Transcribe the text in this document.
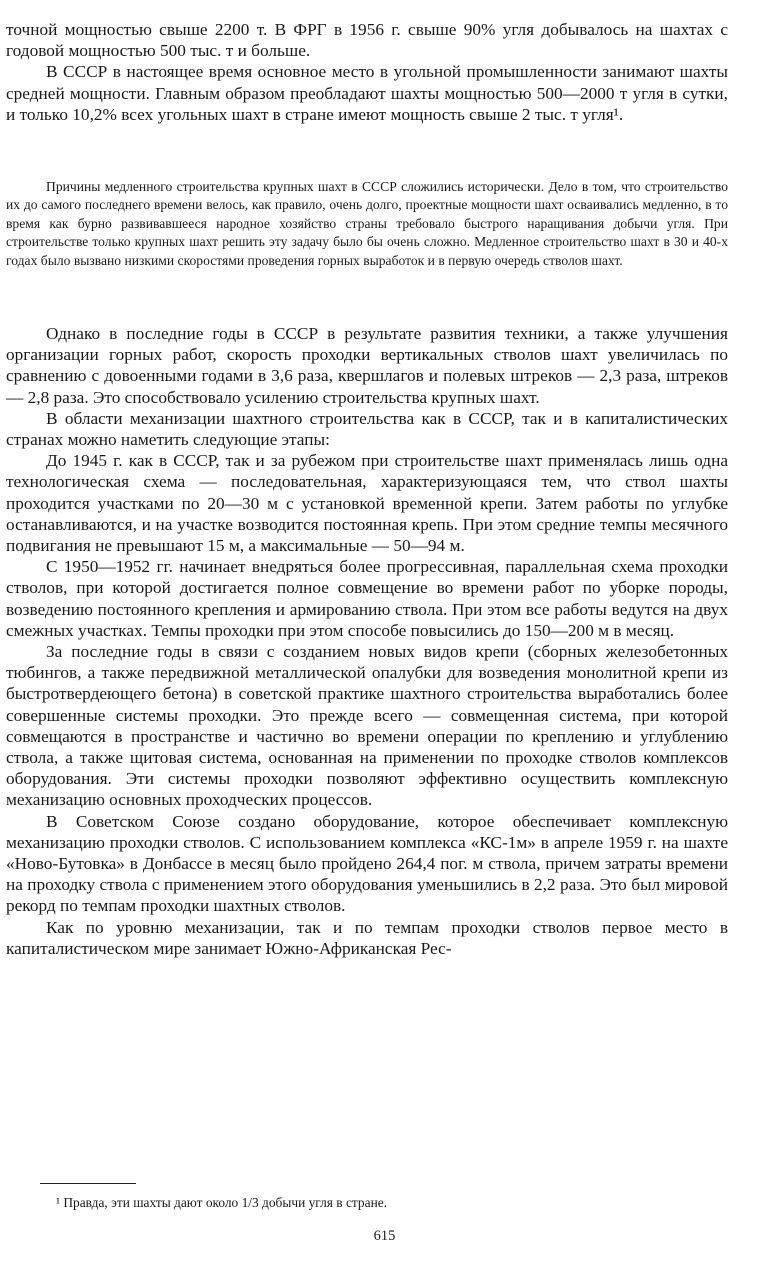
точной мощностью свыше 2200 т. В ФРГ в 1956 г. свыше 90% угля добывалось на шахтах с годовой мощностью 500 тыс. т и больше.

В СССР в настоящее время основное место в угольной промышленности занимают шахты средней мощности. Главным образом преобладают шахты мощностью 500—2000 т угля в сутки, и только 10,2% всех угольных шахт в стране имеют мощность свыше 2 тыс. т угля¹.

Причины медленного строительства крупных шахт в СССР сложились исторически. Дело в том, что строительство их до самого последнего времени велось, как правило, очень долго, проектные мощности шахт осваивались медленно, в то время как бурно развивавшееся народное хозяйство страны требовало быстрого наращивания добычи угля. При строительстве только крупных шахт решить эту задачу было бы очень сложно. Медленное строительство шахт в 30 и 40-х годах было вызвано низкими скоростями проведения горных выработок и в первую очередь стволов шахт.

Однако в последние годы в СССР в результате развития техники, а также улучшения организации горных работ, скорость проходки вертикальных стволов шахт увеличилась по сравнению с довоенными годами в 3,6 раза, квершлагов и полевых штреков — 2,3 раза, штреков — 2,8 раза. Это способствовало усилению строительства крупных шахт.

В области механизации шахтного строительства как в СССР, так и в капиталистических странах можно наметить следующие этапы:

До 1945 г. как в СССР, так и за рубежом при строительстве шахт применялась лишь одна технологическая схема — последовательная, характеризующаяся тем, что ствол шахты проходится участками по 20—30 м с установкой временной крепи. Затем работы по углубке останавливаются, и на участке возводится постоянная крепь. При этом средние темпы месячного подвигания не превышают 15 м, а максимальные — 50—94 м.

С 1950—1952 гг. начинает внедряться более прогрессивная, параллельная схема проходки стволов, при которой достигается полное совмещение во времени работ по уборке породы, возведению постоянного крепления и армированию ствола. При этом все работы ведутся на двух смежных участках. Темпы проходки при этом способе повысились до 150—200 м в месяц.

За последние годы в связи с созданием новых видов крепи (сборных железобетонных тюбингов, а также передвижной металлической опалубки для возведения монолитной крепи из быстротвердеющего бетона) в советской практике шахтного строительства выработались более совершенные системы проходки. Это прежде всего — совмещенная система, при которой совмещаются в пространстве и частично во времени операции по креплению и углублению ствола, а также щитовая система, основанная на применении по проходке стволов комплексов оборудования. Эти системы проходки позволяют эффективно осуществить комплексную механизацию основных проходческих процессов.

В Советском Союзе создано оборудование, которое обеспечивает комплексную механизацию проходки стволов. С использованием комплекса «КС-1м» в апреле 1959 г. на шахте «Ново-Бутовка» в Донбассе в месяц было пройдено 264,4 пог. м ствола, причем затраты времени на проходку ствола с применением этого оборудования уменьшились в 2,2 раза. Это был мировой рекорд по темпам проходки шахтных стволов.

Как по уровню механизации, так и по темпам проходки стволов первое место в капиталистическом мире занимает Южно-Африканская Рес-

¹ Правда, эти шахты дают около 1/3 добычи угля в стране.

615
